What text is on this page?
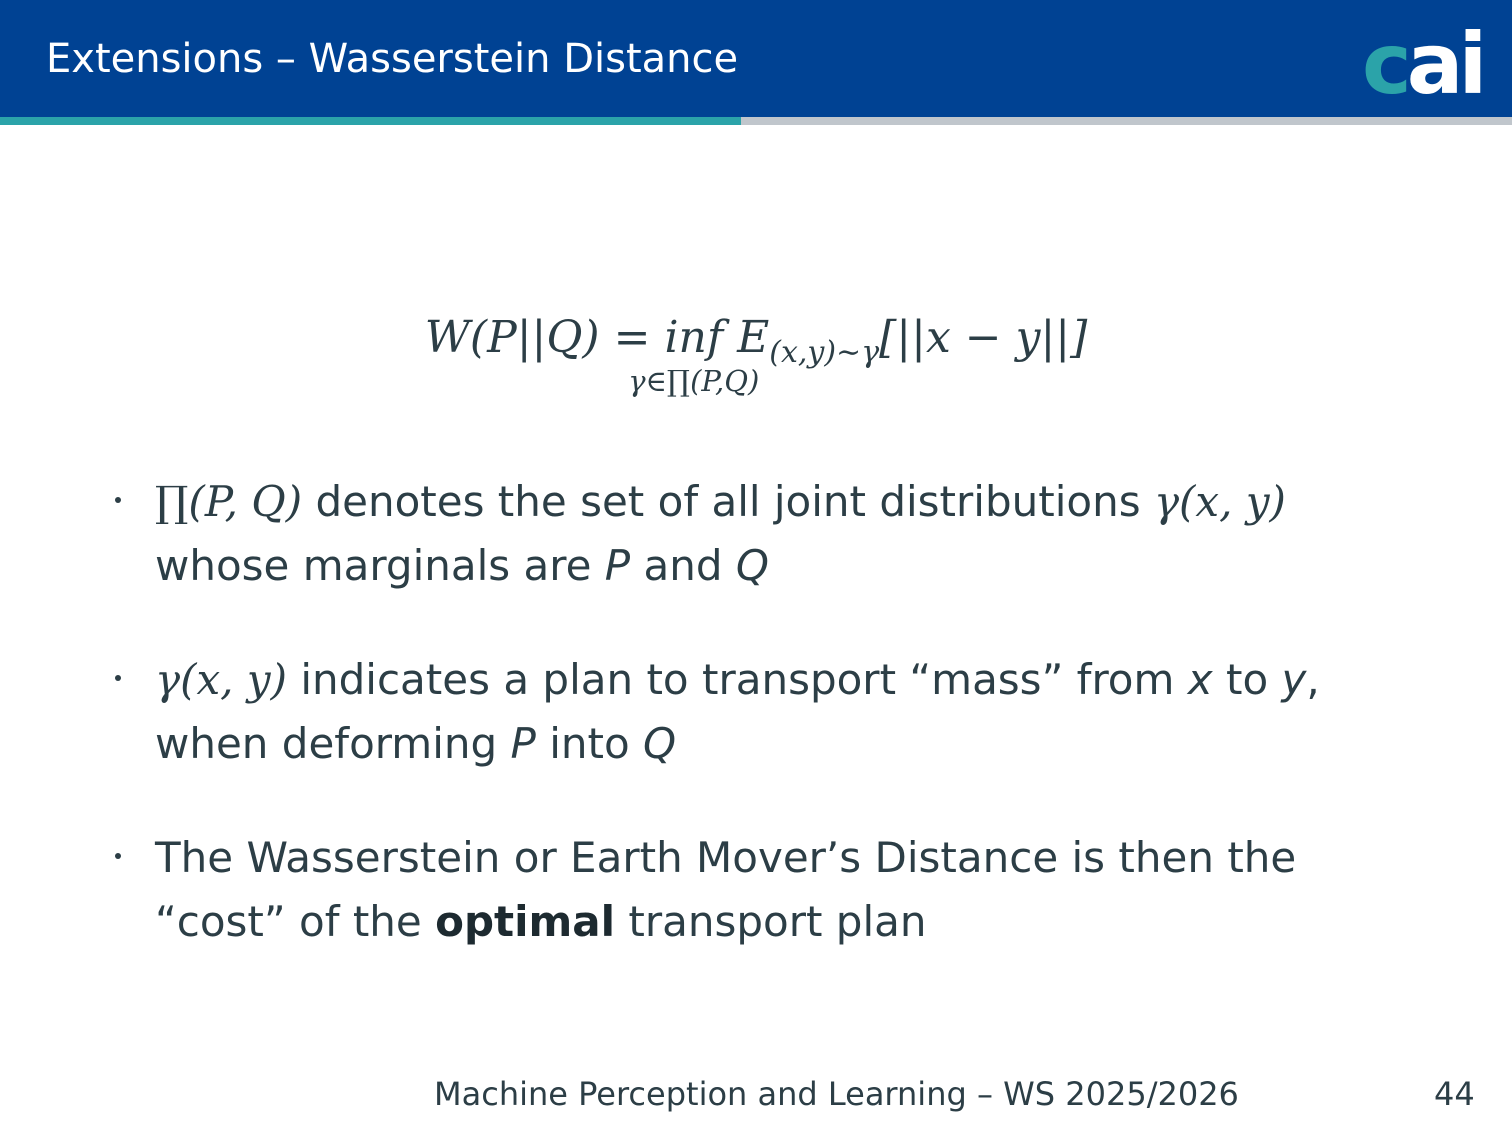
Extensions – Wasserstein Distance	cai
W(P||Q) = inf
γ∈∏(P,Q)
$E_{(x,y)\sim\gamma}[||x - y||]$
∏(P, Q) denotes the set of all joint distributions γ(x, y) whose marginals are P and Q
γ(x, y) indicates a plan to transport “mass” from x to y, when deforming P into Q
The Wasserstein or Earth Mover’s Distance is then the “cost” of the optimal transport plan
Machine Perception and Learning – WS 2025/2026	44
